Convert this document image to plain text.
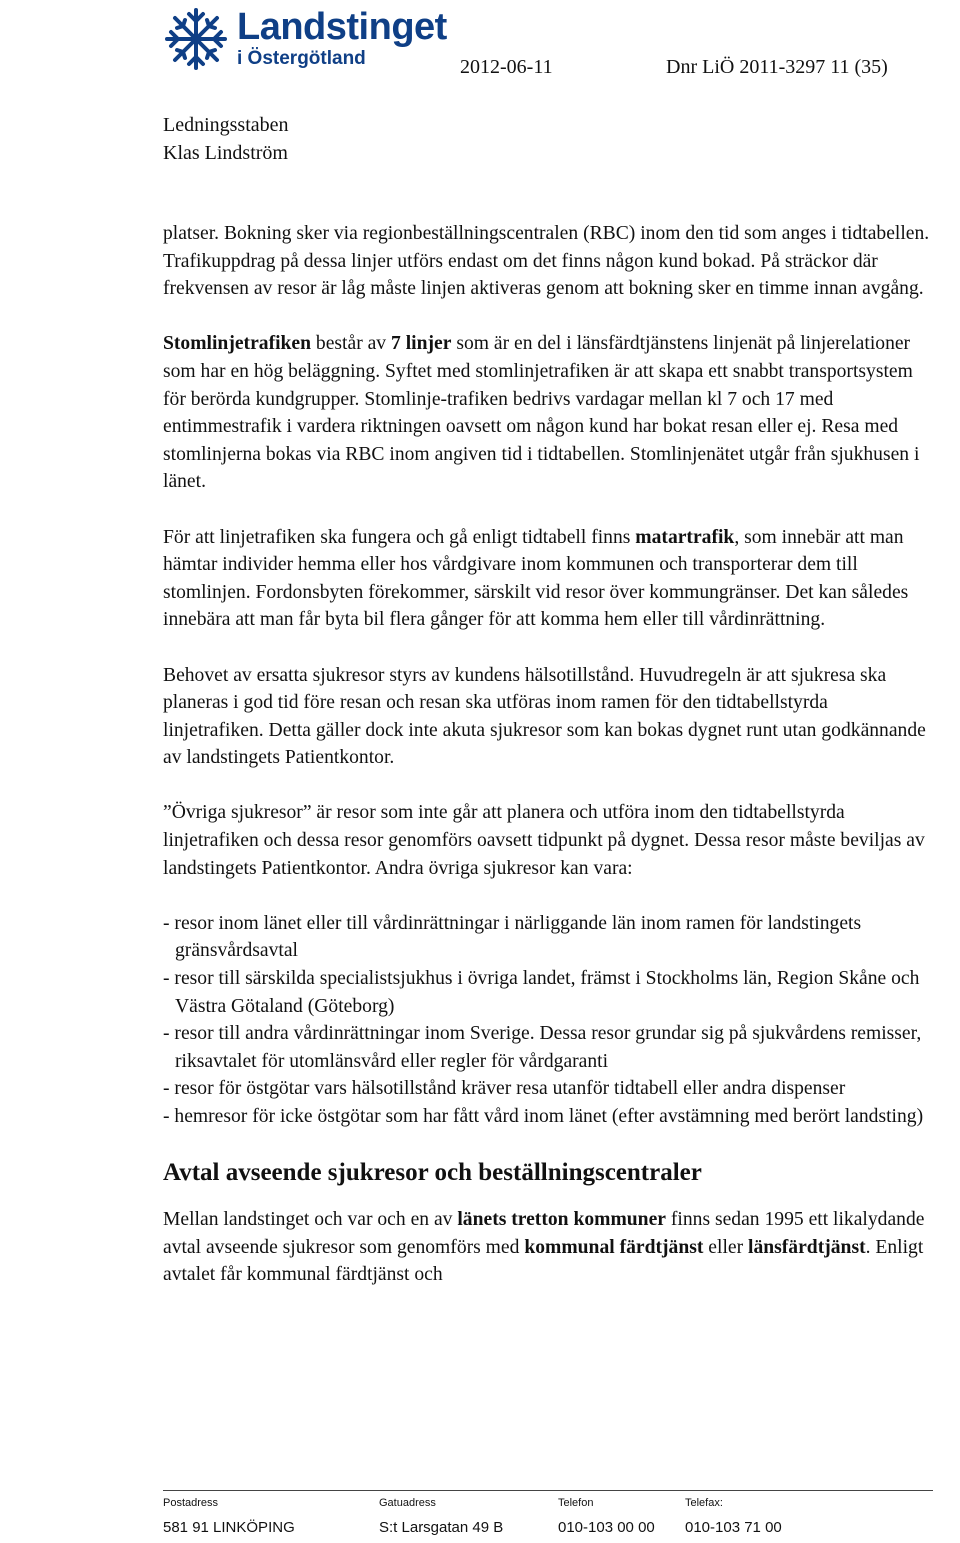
Landstinget
i Östergötland	2012-06-11	Dnr LiÖ 2011-3297 11 (35)
Ledningsstaben
Klas Lindström

platser. Bokning sker via regionbeställningscentralen (RBC) inom den tid som anges i tidtabellen. Trafikuppdrag på dessa linjer utförs endast om det finns någon kund bokad. På sträckor där frekvensen av resor är låg måste linjen aktiveras genom att bokning sker en timme innan avgång.

Stomlinjetrafiken består av 7 linjer som är en del i länsfärdtjänstens linjenät på linjerelationer som har en hög beläggning. Syftet med stomlinjetrafiken är att skapa ett snabbt transportsystem för berörda kundgrupper. Stomlinje-trafiken bedrivs vardagar mellan kl 7 och 17 med entimmestrafik i vardera riktningen oavsett om någon kund har bokat resan eller ej. Resa med stomlinjerna bokas via RBC inom angiven tid i tidtabellen. Stomlinjenätet utgår från sjukhusen i länet.

För att linjetrafiken ska fungera och gå enligt tidtabell finns matartrafik, som innebär att man hämtar individer hemma eller hos vårdgivare inom kommunen och transporterar dem till stomlinjen. Fordonsbyten förekommer, särskilt vid resor över kommungränser. Det kan således innebära att man får byta bil flera gånger för att komma hem eller till vårdinrättning.

Behovet av ersatta sjukresor styrs av kundens hälsotillstånd. Huvudregeln är att sjukresa ska planeras i god tid före resan och resan ska utföras inom ramen för den tidtabellstyrda linjetrafiken. Detta gäller dock inte akuta sjukresor som kan bokas dygnet runt utan godkännande av landstingets Patientkontor.

”Övriga sjukresor” är resor som inte går att planera och utföra inom den tidtabellstyrda linjetrafiken och dessa resor genomförs oavsett tidpunkt på dygnet. Dessa resor måste beviljas av landstingets Patientkontor. Andra övriga sjukresor kan vara:

- resor inom länet eller till vårdinrättningar i närliggande län inom ramen för landstingets gränsvårdsavtal
- resor till särskilda specialistsjukhus i övriga landet, främst i Stockholms län, Region Skåne och Västra Götaland (Göteborg)
- resor till andra vårdinrättningar inom Sverige. Dessa resor grundar sig på sjukvårdens remisser, riksavtalet för utomlänsvård eller regler för vårdgaranti
- resor för östgötar vars hälsotillstånd kräver resa utanför tidtabell eller andra dispenser
- hemresor för icke östgötar som har fått vård inom länet (efter avstämning med berört landsting)

Avtal avseende sjukresor och beställningscentraler

Mellan landstinget och var och en av länets tretton kommuner finns sedan 1995 ett likalydande avtal avseende sjukresor som genomförs med kommunal färdtjänst eller länsfärdtjänst. Enligt avtalet får kommunal färdtjänst och

Postadress
581 91 LINKÖPING
Gatuadress
S:t Larsgatan 49 B
Telefon
010-103 00 00
Telefax:
010-103 71 00
